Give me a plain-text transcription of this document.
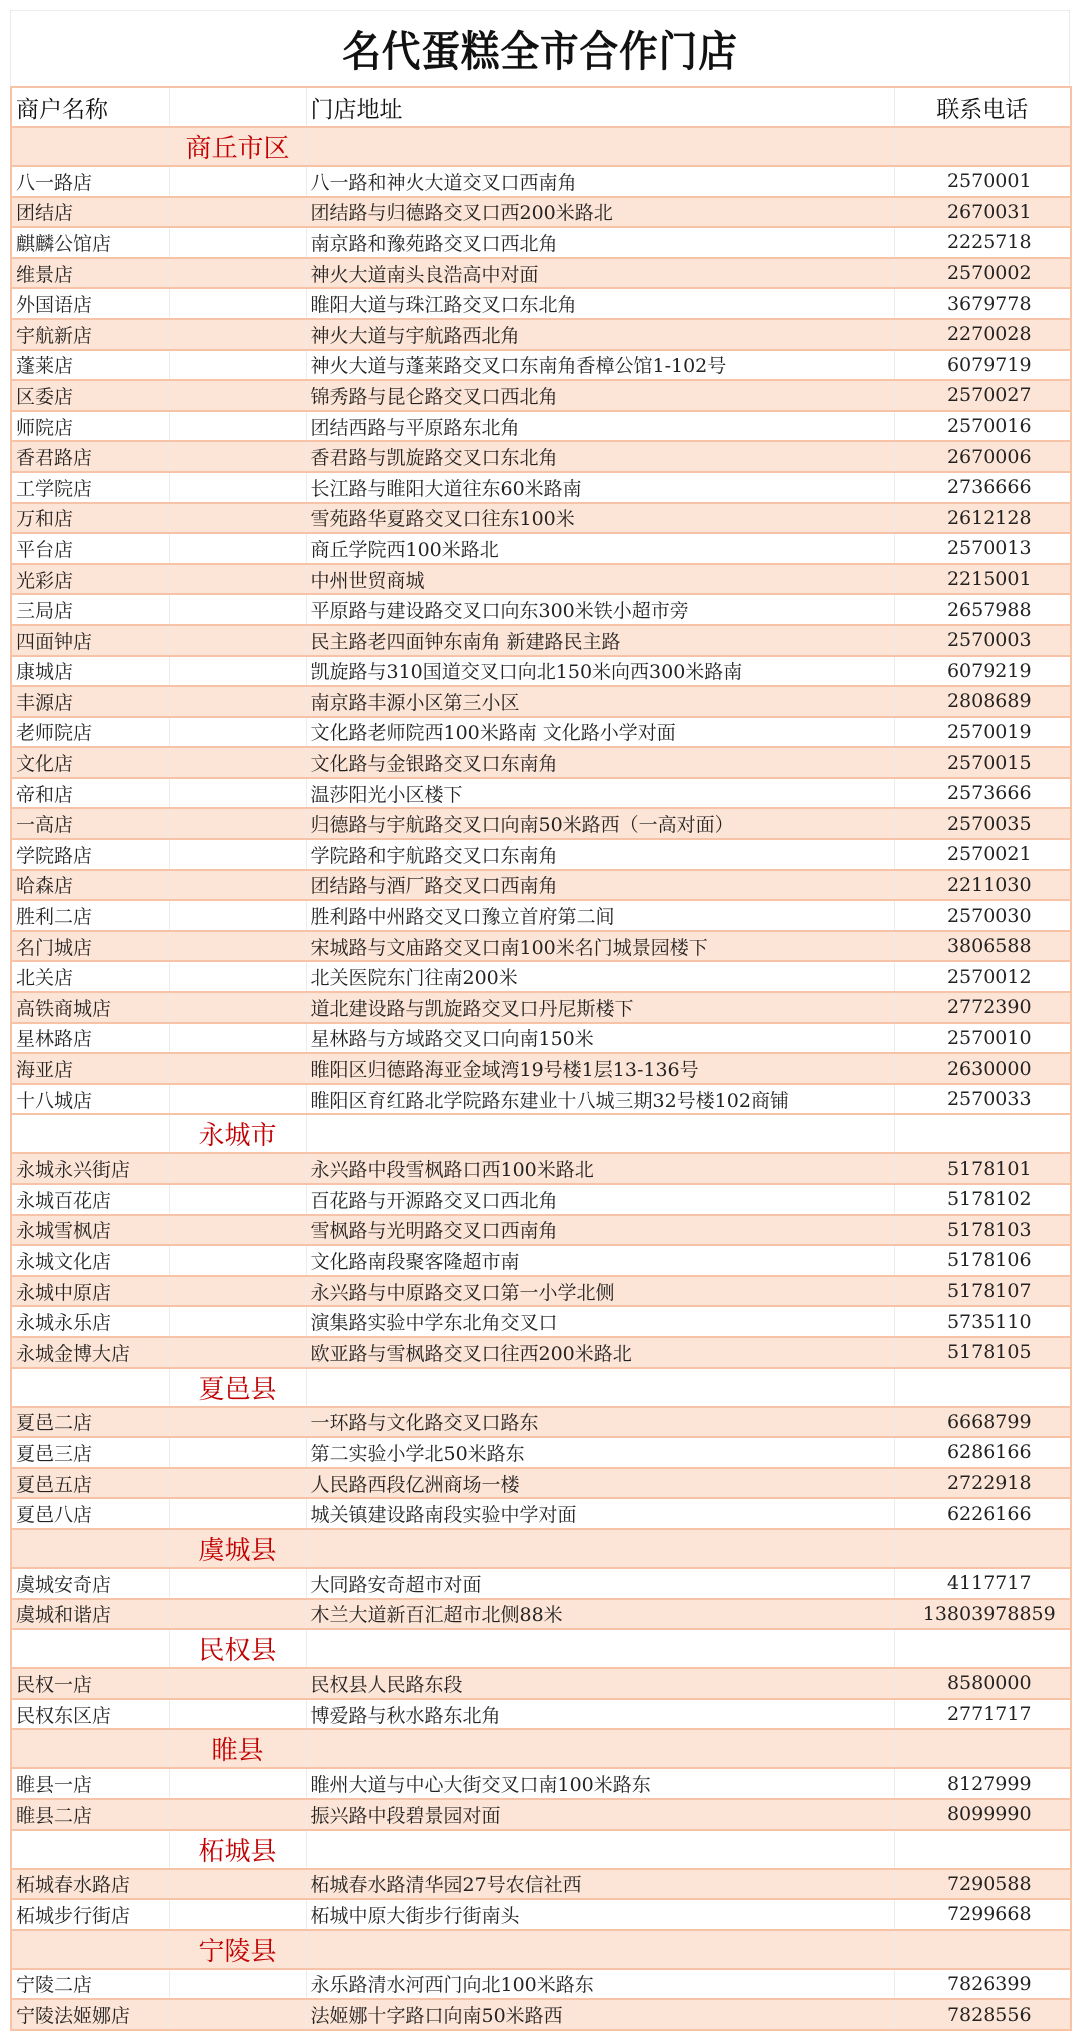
名代蛋糕全市合作门店
商户名称		门店地址	联系电话
	商丘市区		
八一路店		八一路和神火大道交叉口西南角	2570001
团结店		团结路与归德路交叉口西200米路北	2670031
麒麟公馆店		南京路和豫苑路交叉口西北角	2225718
维景店		神火大道南头良浩高中对面	2570002
外国语店		睢阳大道与珠江路交叉口东北角	3679778
宇航新店		神火大道与宇航路西北角	2270028
蓬莱店		神火大道与蓬莱路交叉口东南角香樟公馆1-102号	6079719
区委店		锦秀路与昆仑路交叉口西北角	2570027
师院店		团结西路与平原路东北角	2570016
香君路店		香君路与凯旋路交叉口东北角	2670006
工学院店		长江路与睢阳大道往东60米路南	2736666
万和店		雪苑路华夏路交叉口往东100米	2612128
平台店		商丘学院西100米路北	2570013
光彩店		中州世贸商城	2215001
三局店		平原路与建设路交叉口向东300米铁小超市旁	2657988
四面钟店		民主路老四面钟东南角 新建路民主路	2570003
康城店		凯旋路与310国道交叉口向北150米向西300米路南	6079219
丰源店		南京路丰源小区第三小区	2808689
老师院店		文化路老师院西100米路南 文化路小学对面	2570019
文化店		文化路与金银路交叉口东南角	2570015
帝和店		温莎阳光小区楼下	2573666
一高店		归德路与宇航路交叉口向南50米路西（一高对面）	2570035
学院路店		学院路和宇航路交叉口东南角	2570021
哈森店		团结路与酒厂路交叉口西南角	2211030
胜利二店		胜利路中州路交叉口豫立首府第二间	2570030
名门城店		宋城路与文庙路交叉口南100米名门城景园楼下	3806588
北关店		北关医院东门往南200米	2570012
高铁商城店		道北建设路与凯旋路交叉口丹尼斯楼下	2772390
星林路店		星林路与方域路交叉口向南150米	2570010
海亚店		睢阳区归德路海亚金域湾19号楼1层13-136号	2630000
十八城店		睢阳区育红路北学院路东建业十八城三期32号楼102商铺	2570033
	永城市		
永城永兴街店		永兴路中段雪枫路口西100米路北	5178101
永城百花店		百花路与开源路交叉口西北角	5178102
永城雪枫店		雪枫路与光明路交叉口西南角	5178103
永城文化店		文化路南段聚客隆超市南	5178106
永城中原店		永兴路与中原路交叉口第一小学北侧	5178107
永城永乐店		演集路实验中学东北角交叉口	5735110
永城金博大店		欧亚路与雪枫路交叉口往西200米路北	5178105
	夏邑县		
夏邑二店		一环路与文化路交叉口路东	6668799
夏邑三店		第二实验小学北50米路东	6286166
夏邑五店		人民路西段亿洲商场一楼	2722918
夏邑八店		城关镇建设路南段实验中学对面	6226166
	虞城县		
虞城安奇店		大同路安奇超市对面	4117717
虞城和谐店		木兰大道新百汇超市北侧88米	13803978859
	民权县		
民权一店		民权县人民路东段	8580000
民权东区店		博爱路与秋水路东北角	2771717
	睢县		
睢县一店		睢州大道与中心大街交叉口南100米路东	8127999
睢县二店		振兴路中段碧景园对面	8099990
	柘城县		
柘城春水路店		柘城春水路清华园27号农信社西	7290588
柘城步行街店		柘城中原大街步行街南头	7299668
	宁陵县		
宁陵二店		永乐路清水河西门向北100米路东	7826399
宁陵法姬娜店		法姬娜十字路口向南50米路西	7828556
